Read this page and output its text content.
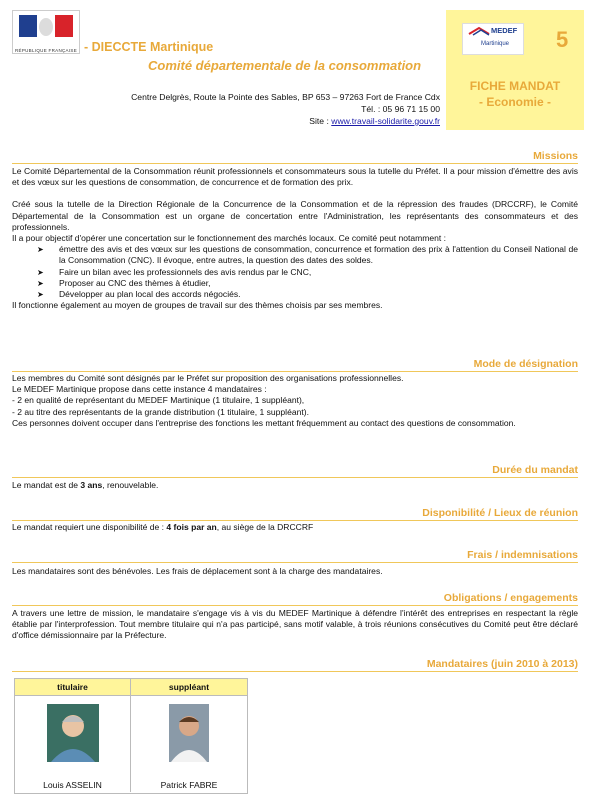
RÉPUBLIQUE FRANÇAISE - DIECCTE Martinique
Comité départementale de la consommation
Centre Delgrès, Route la Pointe des Sables, BP 653 – 97263 Fort de France Cdx
Tél. : 05 96 71 15 00
Site : www.travail-solidarite.gouv.fr
MEDEF
Martinique 5
FICHE MANDAT
- Economie -
Missions

Le Comité Départemental de la Consommation réunit professionnels et consommateurs sous la tutelle du Préfet. Il a pour mission d'émettre des avis et des vœux sur les questions de consommation, de concurrence et de formation des prix.

Créé sous la tutelle de la Direction Régionale de la Concurrence de la Consommation et de la répression des fraudes (DRCCRF), le Comité Départemental de la Consommation est un organe de concertation entre l'Administration, les représentants des consommateurs et des professionnels.

Il a pour objectif d'opérer une concertation sur le fonctionnement des marchés locaux. Ce comité peut notamment :

➤	émettre des avis et des vœux sur les questions de consommation, concurrence et formation des prix à l'attention du Conseil National de la Consommation (CNC). Il évoque, entre autres, la question des dates des soldes.
➤	Faire un bilan avec les professionnels des avis rendus par le CNC,
➤	Proposer au CNC des thèmes à étudier,
➤	Développer au plan local des accords négociés.

Il fonctionne également au moyen de groupes de travail sur des thèmes choisis par ses membres.

Mode de désignation

Les membres du Comité sont désignés par le Préfet sur proposition des organisations professionnelles.

Le MEDEF Martinique propose dans cette instance 4 mandataires :

- 2 en qualité de représentant du MEDEF Martinique (1 titulaire, 1 suppléant),

- 2 au titre des représentants de la grande distribution (1 titulaire, 1 suppléant).

Ces personnes doivent occuper dans l'entreprise des fonctions les mettant fréquemment au contact des questions de consommation.

Durée du mandat

Le mandat est de 3 ans, renouvelable.

Disponibilité / Lieux de réunion

Le mandat requiert une disponibilité de : 4 fois par an, au siège de la DRCCRF

Frais / indemnisations

Les mandataires sont des bénévoles. Les frais de déplacement sont à la charge des mandataires.

Obligations / engagements

A travers une lettre de mission, le mandataire s'engage vis à vis du MEDEF Martinique à défendre l'intérêt des entreprises en respectant la règle établie par l'interprofession. Tout membre titulaire qui n'a pas participé, sans motif valable, à trois réunions consécutives du Comité peut être déclaré d'office démissionnaire par la Préfecture.

Mandataires (juin 2010 à 2013)
titulaire	suppléant
Louis ASSELIN	Patrick FABRE
